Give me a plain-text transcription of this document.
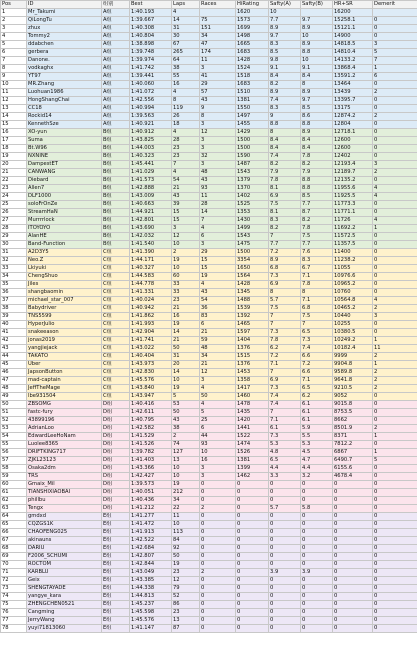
Pos	ID	组别	Best	Laps	Races	HiRating	Safty(A)	Safty(B)	HR+SR	Demerit
1	Mr_Takumi	A组	1:40.193	4		1620	10		16200	
2	QiLongTu	A组	1:39.667	14	75	1573	7.7	9.7	15258.1	0
3	zhux	A组	1:40.308	31	151	1699	8.9	8.9	15121.1	0
4	Tommy2	A组	1:40.804	30	34	1498	9.7	10	14900	0
5	ddabchen	A组	1:38.898	67	47	1665	8.3	8.9	14818.5	3
6	gerbera	A组	1:39.748	265	174	1683	8.5	8.8	14810.4	5
7	Danone.	A组	1:39.974	64	11	1428	9.8	10	14133.2	7
8	vodkaghx	A组	1:41.742	38	3	1524	9.1	9.1	13868.4	1
9	YT97	A组	1:39.441	55	41	1518	8.4	8.4	13591.2	6
10	MR.Zhang	A组	1:40.060	16	29	1683	8.2	8	13464	0
11	Luohuan1986	A组	1:41.072	4	57	1510	8.9	8.9	13439	2
12	HongShangChai	A组	1:42.556	8	43	1381	7.4	9.7	13395.7	0
13	CC18	A组	1:40.994	119	9	1550	8.3	8.5	13175	0
14	Rockid14	A组	1:39.563	26	8	1497	9	8.6	12874.2	2
15	KennethSze	A组	1:40.921	18	3	1455	8.8	8.8	12804	0
16	XO-yun	B组	1:40.912	4	12	1429	8	8.9	12718.1	0
17	Suma	B组	1:43.825	28	3	1500	8.4	8.4	12600	0
18	Bt.W96	B组	1:44.003	23	3	1500	8.4	8.4	12600	0
19	NXNINE	B组	1:40.323	23	32	1590	7.4	7.8	12402	0
20	DampestET	B组	1:45.441	7	3	1487	8.2	8.2	12193.4	3
21	CANWANG	B组	1:41.029	4	48	1543	7.9	7.9	12189.7	2
22	Diebard	B组	1:41.573	54	43	1379	7.8	8.8	12135.2	0
23	Allen7	B组	1:42.888	21	93	1370	8.1	8.8	11955.6	4
24	DLF1000	B组	1:43.009	43	11	1402	6.9	8.5	11925.5	4
25	soloFrOnZe	B组	1:40.663	39	28	1525	7.5	7.7	11773.3	0
26	StreamHaN	B组	1:44.921	15	14	1353	8.1	8.7	11771.1	0
27	Murrrrlock	B组	1:42.801	15	7	1430	8.3	8.2	11726	4
28	ITOYOYO	B组	1:43.690	3	4	1499	8.2	7.8	11692.2	1
29	AlanHE	B组	1:42.032	12	6	1543	7	7.5	11572.5	0
30	Band-Function	B组	1:41.540	10	3	1475	7.7	7.7	11357.5	0
31	A2D3Y5	C组	1:41.390	2	29	1500	7.2	7.6	11400	0
32	Neo.Z	C组	1:44.171	19	15	3354	8.9	8.3	11238.2	0
33	Lkiyuki	C组	1:40.327	10	15	1650	6.8	6.7	11055	0
34	ChengShuo	C组	1:44.583	60	19	1564	7.3	7.1	10976.6	0
35	Jiles	C组	1:44.778	33	4	1428	6.9	7.8	10965.2	0
36	shangbaomin	C组	1:41.331	33	43	1345	8	8	10760	0
37	michael_star_007	C组	1:40.024	23	54	1488	5.7	7.1	10564.8	4
38	Babydriver	C组	1:40.942	21	36	1539	7.5	6.8	10465.2	2
39	TNS5599	C组	1:41.862	16	83	1392	7	7.5	10440	3
40	HyperJulio	C组	1:41.993	19	6	1465	7	7	10255	0
41	snakeeason	C组	1:42.904	14	21	1597	7.3	6.5	10380.5	0
42	jonas2019	C组	1:41.741	21	59	1404	7.8	7.3	10249.2	1
43	yangjiejack	C组	1:43.022	50	48	1376	6.2	7.4	10182.4	11
44	TAKATO	C组	1:40.404	31	34	1515	7.2	6.6	9999	2
45	Uber	C组	1:43.973	20	21	1376	7.1	7.2	9904.8	1
46	JapsonButton	C组	1:42.830	14	12	1453	7	6.6	9589.8	2
47	mad-captain	C组	1:45.576	10	3	1358	6.9	7.1	9641.8	2
48	JeffTheMage	C组	1:43.840	19	4	1417	7.3	6.5	9210.5	2
49	lbe931504	C组	1:43.947	5	50	1460	7.4	6.2	9052	0
50	ZBSOMG	D组	1:40.416	53	4	1478	7.4	6.1	9015.8	0
51	fastc-fury	D组	1:42.611	50	5	1435	7	6.1	8753.5	0
52	43899196	D组	1:40.795	43	25	1420	7.1	6.1	8662	0
53	AdrianLoo	D组	1:42.582	38	6	1441	6.1	5.9	8501.9	2
54	EdwardLeeHoNam	D组	1:41.529	2	44	1522	7.3	5.5	8371	1
55	Luolee8365	D组	1:41.526	74	93	1474	5.3	5.3	7812.2	0
56	DRIFTKING717	D组	1:39.782	127	10	1526	4.8	4.5	6867	1
57	ZJKL23123	D组	1:41.403	13	16	1381	6.5	4.7	6490.7	5
58	Osaka2dm	D组	1:43.366	10	3	1399	4.4	4.4	6155.6	0
59	TRS	D组	1:42.427	10	3	1462	3.3	3.2	4678.4	0
60	Gmaix_Mil	D组	1:39.573	19	0	0	0	0	0	0
61	TIANSHIXIAOBAI	D组	1:40.051	212	0	0	0	0	0	0
62	phillbu	D组	1:40.436	34	0	0	0	0	0	0
63	Tengx	D组	1:41.212	22	2	0	5.7	5.8	0	0
64	gmdxd	E组	1:41.277	11	0	0	0	0	0	0
65	CQZGS1K	E组	1:41.472	10	0	0	0	0	0	0
66	CHAOFENG025	E组	1:41.913	113	0	0	0	0	0	0
67	akinauns	E组	1:42.522	84	0	0	0	0	0	0
68	DARIU	E组	1:42.684	92	0	0	0	0	0	0
69	F2006_SCHUMI	E组	1:42.807	50	0	0	0	0	0	0
70	ROCTOM	E组	1:42.844	19	0	0	0	0	0	0
71	KARBLU	E组	1:43.049	23	2	0	3.9	3.9	0	0
72	Geix	E组	1:43.385	12	0	0	0	0	0	0
73	SHENGTAYADE	E组	1:44.338	79	0	0	0	0	0	0
74	yangye_kara	E组	1:44.813	52	0	0	0	0	0	0
75	ZHENGCHEN0521	E组	1:45.237	86	0	0	0	0	0	0
76	Cangming	E组	1:45.598	23	0	0	0	0	0	0
77	JerryWang	E组	1:45.576	13	0	0	0	0	0	0
78	yuyi71813060	E组	1:41.147	87	0	0	0	0	0	0
